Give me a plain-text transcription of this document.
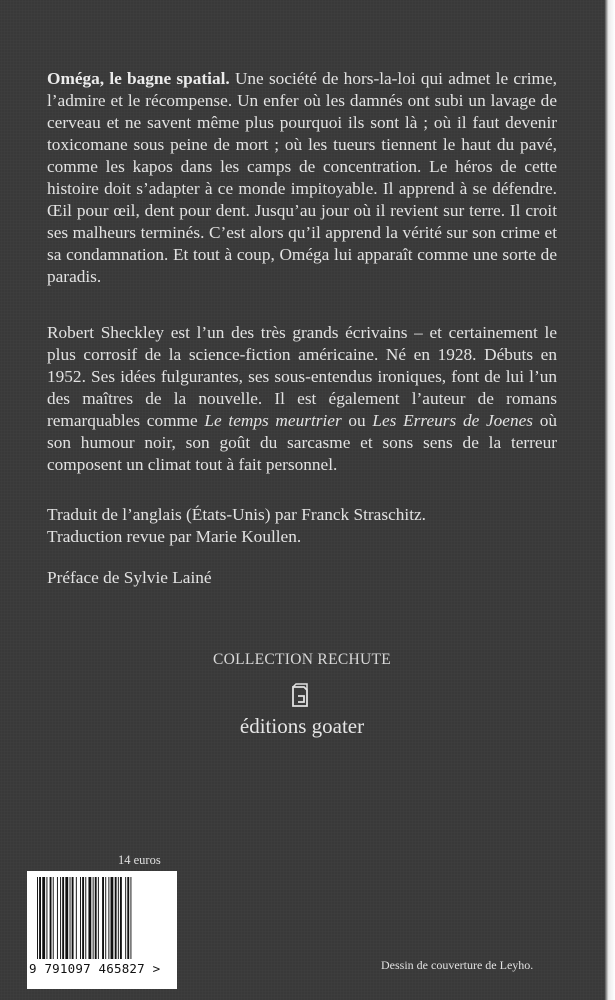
Oméga, le bagne spatial. Une société de hors-la-loi qui admet le crime, l’admire et le récompense. Un enfer où les damnés ont subi un lavage de cerveau et ne savent même plus pourquoi ils sont là ; où il faut devenir toxicomane sous peine de mort ; où les tueurs tiennent le haut du pavé, comme les kapos dans les camps de concentration. Le héros de cette histoire doit s’adapter à ce monde impitoyable. Il apprend à se défendre. Œil pour œil, dent pour dent. Jusqu’au jour où il revient sur terre. Il croit ses malheurs terminés. C’est alors qu’il apprend la vérité sur son crime et sa condamnation. Et tout à coup, Oméga lui apparaît comme une sorte de paradis.

Robert Sheckley est l’un des très grands écrivains – et certainement le plus corrosif de la science-fiction américaine. Né en 1928. Débuts en 1952. Ses idées fulgurantes, ses sous-entendus ironiques, font de lui l’un des maîtres de la nouvelle. Il est également l’auteur de romans remarquables comme Le temps meurtrier ou Les Erreurs de Joenes où son humour noir, son goût du sarcasme et sons sens de la terreur composent un climat tout à fait personnel.

Traduit de l’anglais (États-Unis) par Franck Straschitz.
Traduction revue par Marie Koullen.

Préface de Sylvie Lainé

COLLECTION RECHUTE
éditions goater
14 euros
9 791097 465827 >	Dessin de couverture de Leyho.
